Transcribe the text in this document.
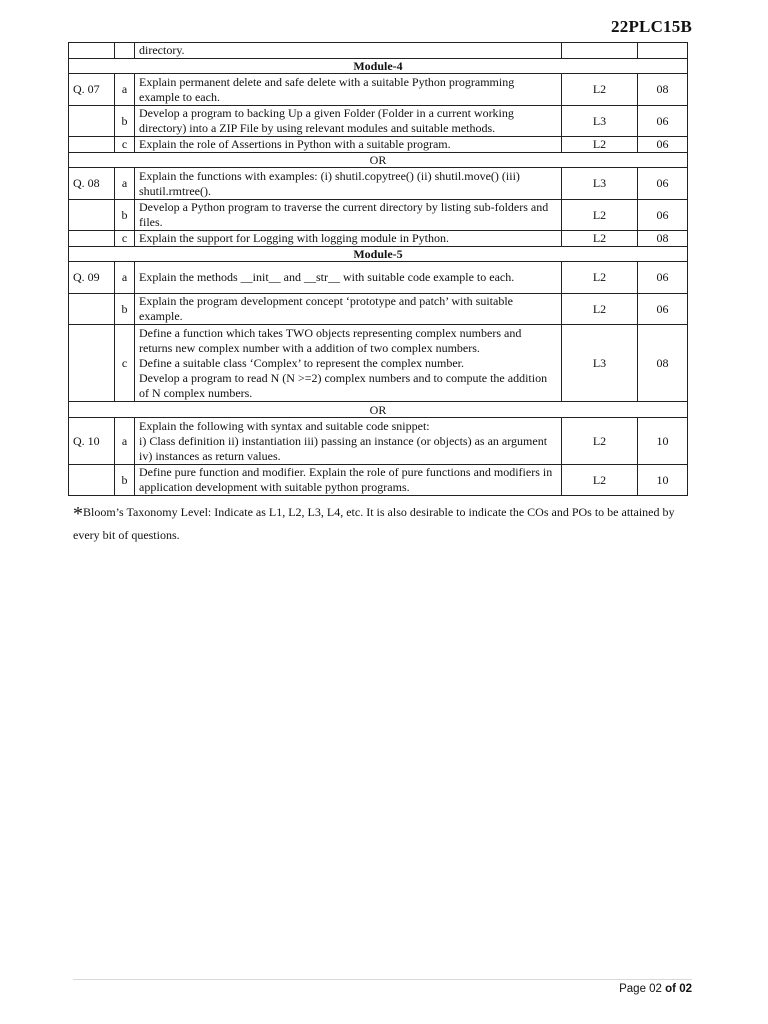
22PLC15B
		directory.		
Module-4				
Q. 07	a	Explain permanent delete and safe delete with a suitable Python programming example to each.	L2	08
	b	Develop a program to backing Up a given Folder (Folder in a current working directory) into a ZIP File by using relevant modules and suitable methods.	L3	06
	c	Explain the role of Assertions in Python with a suitable program.	L2	06
OR				
Q. 08	a	Explain the functions with examples: (i) shutil.copytree() (ii) shutil.move() (iii) shutil.rmtree().	L3	06
	b	Develop a Python program to traverse the current directory by listing sub-folders and files.	L2	06
	c	Explain the support for Logging with logging module in Python.	L2	08
Module-5				
Q. 09	a	Explain the methods __init__ and __str__ with suitable code example to each.	L2	06
	b	Explain the program development concept ‘prototype and patch’ with suitable example.	L2	06
	c	Define a function which takes TWO objects representing complex numbers and returns new complex number with a addition of two complex numbers.
Define a suitable class ‘Complex’ to represent the complex number.
Develop a program to read N (N >=2) complex numbers and to compute the addition of N complex numbers.	L3	08
OR				
Q. 10	a	Explain the following with syntax and suitable code snippet:
i) Class definition ii) instantiation iii) passing an instance (or objects) as an argument iv) instances as return values.	L2	10
	b	Define pure function and modifier. Explain the role of pure functions and modifiers in application development with suitable python programs.	L2	10
*Bloom’s Taxonomy Level: Indicate as L1, L2, L3, L4, etc. It is also desirable to indicate the COs and POs to be attained by every bit of questions.
Page 02 of 02
